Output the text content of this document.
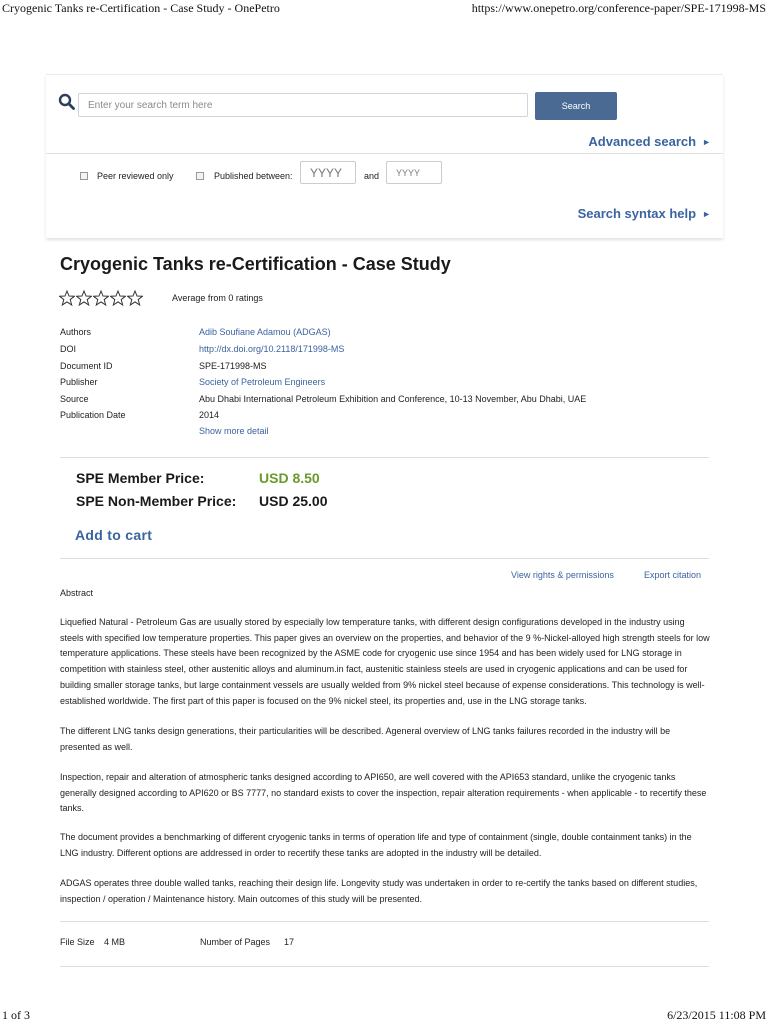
Cryogenic Tanks re-Certification - Case Study - OnePetro	https://www.onepetro.org/conference-paper/SPE-171998-MS
Enter your search term here
Search
Advanced search ►
Peer reviewed only	Published between:	YYYY	and	YYYY
Search syntax help ►
Cryogenic Tanks re-Certification - Case Study
Average from 0 ratings
Authors	Adib Soufiane Adamou (ADGAS)
DOI	http://dx.doi.org/10.2118/171998-MS
Document ID	SPE-171998-MS
Publisher	Society of Petroleum Engineers
Source	Abu Dhabi International Petroleum Exhibition and Conference, 10-13 November, Abu Dhabi, UAE
Publication Date	2014
Show more detail
SPE Member Price:	USD 8.50
SPE Non-Member Price: USD 25.00
Add to cart
View rights & permissions	Export citation
Abstract

Liquefied Natural - Petroleum Gas are usually stored by especially low temperature tanks, with different design configurations developed in the industry using steels with specified low temperature properties. This paper gives an overview on the properties, and behavior of the 9 %-Nickel-alloyed high strength steels for low temperature applications. These steels have been recognized by the ASME code for cryogenic use since 1954 and has been widely used for LNG storage in competition with stainless steel, other austenitic alloys and aluminum.in fact, austenitic stainless steels are used in cryogenic applications and can be used for building smaller storage tanks, but large containment vessels are usually welded from 9% nickel steel because of expense considerations. This technology is well-established worldwide. The first part of this paper is focused on the 9% nickel steel, its properties and, use in the LNG storage tanks.

The different LNG tanks design generations, their particularities will be described. Ageneral overview of LNG tanks failures recorded in the industry will be presented as well.

Inspection, repair and alteration of atmospheric tanks designed according to API650, are well covered with the API653 standard, unlike the cryogenic tanks generally designed according to API620 or BS 7777, no standard exists to cover the inspection, repair alteration requirements - when applicable - to recertify these tanks.

The document provides a benchmarking of different cryogenic tanks in terms of operation life and type of containment (single, double containment tanks) in the LNG industry. Different options are addressed in order to recertify these tanks are adopted in the industry will be detailed.

ADGAS operates three double walled tanks, reaching their design life. Longevity study was undertaken in order to re-certify the tanks based on different studies, inspection / operation / Maintenance history. Main outcomes of this study will be presented.

File Size 4 MB	Number of Pages 17
1 of 3	6/23/2015 11:08 PM
